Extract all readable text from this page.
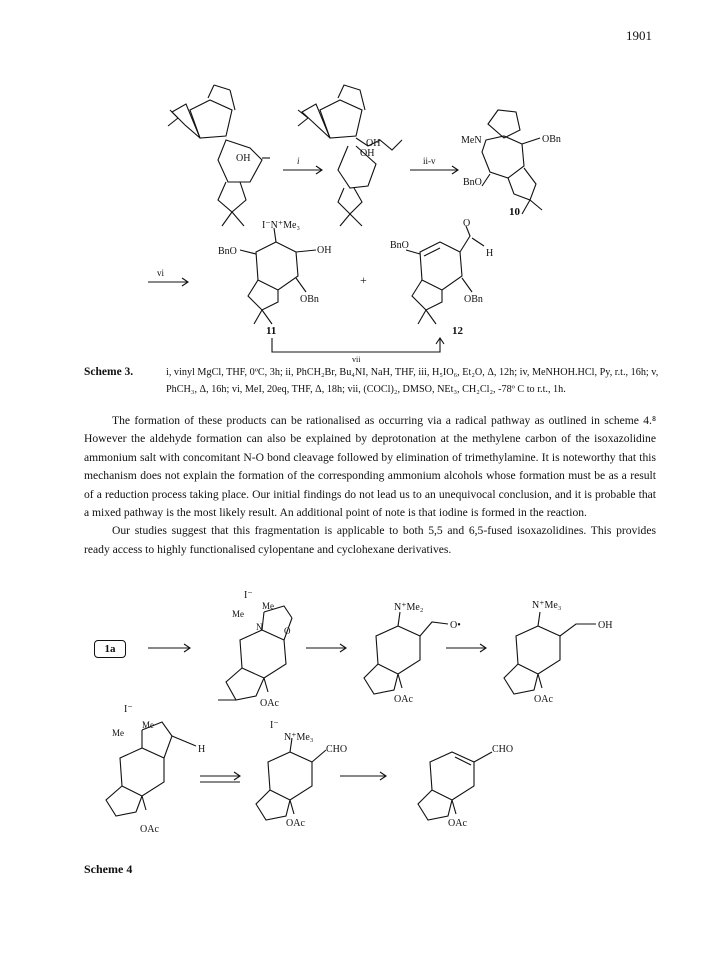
1901
OH	OH
OH
i	ii-v
MeN	OBn
BnO
10
vi
I⁻N⁺Me₃
BnO	OH
OBn
11
+
BnO
O
H
OBn
12
vii
I⁻
Me
Me
N O
OAc
N⁺Me₂
O•
OAc
N⁺Me₃
OH
OAc
I⁻
Me
Me
H
OAc
I⁻
N⁺Me₃
CHO
OAc
CHO
OAc
Scheme 3.	i, vinyl MgCl, THF, 0ºC, 3h; ii, PhCH₂Br, Bu₄NI, NaH, THF, iii, H₅IO₆, Et₂O, Δ, 12h; iv, MeNHOH.HCl, Py, r.t., 16h; v, PhCH₃, Δ, 16h; vi, MeI, 20eq, THF, Δ, 18h; vii, (COCl)₂, DMSO, NEt₃, CH₂Cl₂, -78º C to r.t., 1h.

The formation of these products can be rationalised as occurring via a radical pathway as outlined in scheme 4.⁸ However the aldehyde formation can also be explained by deprotonation at the methylene carbon of the isoxazolidine ammonium salt with concomitant N-O bond cleavage followed by elimination of trimethylamine. It is noteworthy that this mechanism does not explain the formation of the corresponding ammonium alcohols whose formation must be as a result of a reduction process taking place. Our initial findings do not lead us to an unequivocal conclusion, and it is probable that a mixed pathway is the most likely result. An additional point of note is that iodine is formed in the reaction.

Our studies suggest that this fragmentation is applicable to both 5,5 and 6,5-fused isoxazolidines. This provides ready access to highly functionalised cylopentane and cyclohexane derivatives.

1a
Scheme 4
